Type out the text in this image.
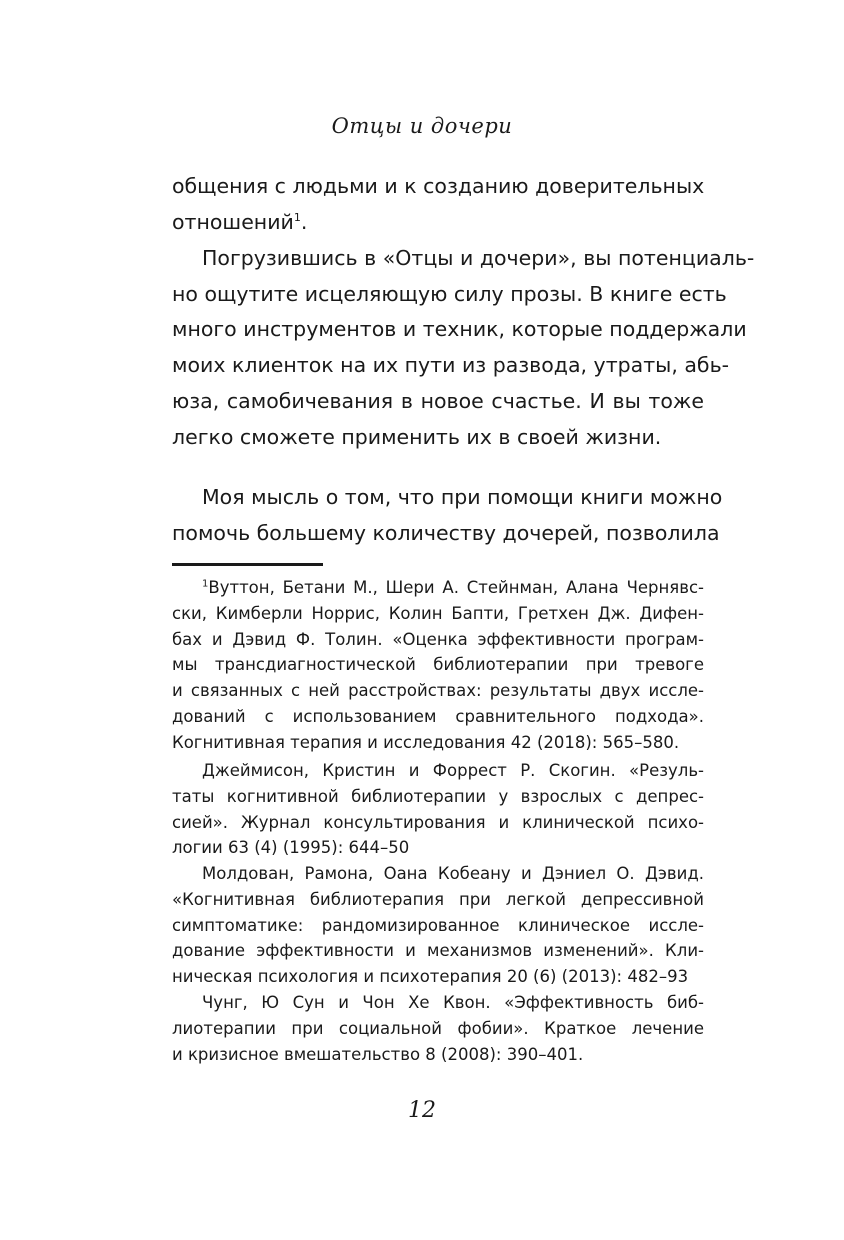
Отцы и дочери
общения с людьми и к созданию доверительных
отношений$^1$.
Погрузившись в «Отцы и дочери», вы потенциаль-
но ощутите исцеляющую силу прозы. В книге есть
много инструментов и техник, которые поддержали
моих клиенток на их пути из развода, утраты, абь-
юза, самобичевания в новое счастье. И вы тоже
легко сможете применить их в своей жизни.
Моя мысль о том, что при помощи книги можно
помочь большему количеству дочерей, позволила
$^1$Вуттон, Бетани М., Шери А. Стейнман, Алана Чернявс-
ски, Кимберли Норрис, Колин Бапти, Гретхен Дж. Дифен-
бах и Дэвид Ф. Толин. «Оценка эффективности програм-
мы трансдиагностической библиотерапии при тревоге
и связанных с ней расстройствах: результаты двух иссле-
дований с использованием сравнительного подхода».
Когнитивная терапия и исследования 42 (2018): 565–580.
Джеймисон, Кристин и Форрест Р. Скогин. «Резуль-
таты когнитивной библиотерапии у взрослых с депрес-
сией». Журнал консультирования и клинической психо-
логии 63 (4) (1995): 644–50
Молдован, Рамона, Оана Кобеану и Дэниел О. Дэвид.
«Когнитивная библиотерапия при легкой депрессивной
симптоматике: рандомизированное клиническое иссле-
дование эффективности и механизмов изменений». Кли-
ническая психология и психотерапия 20 (6) (2013): 482–93
Чунг, Ю Сун и Чон Хе Квон. «Эффективность биб-
лиотерапии при социальной фобии». Краткое лечение
и кризисное вмешательство 8 (2008): 390–401.
12
